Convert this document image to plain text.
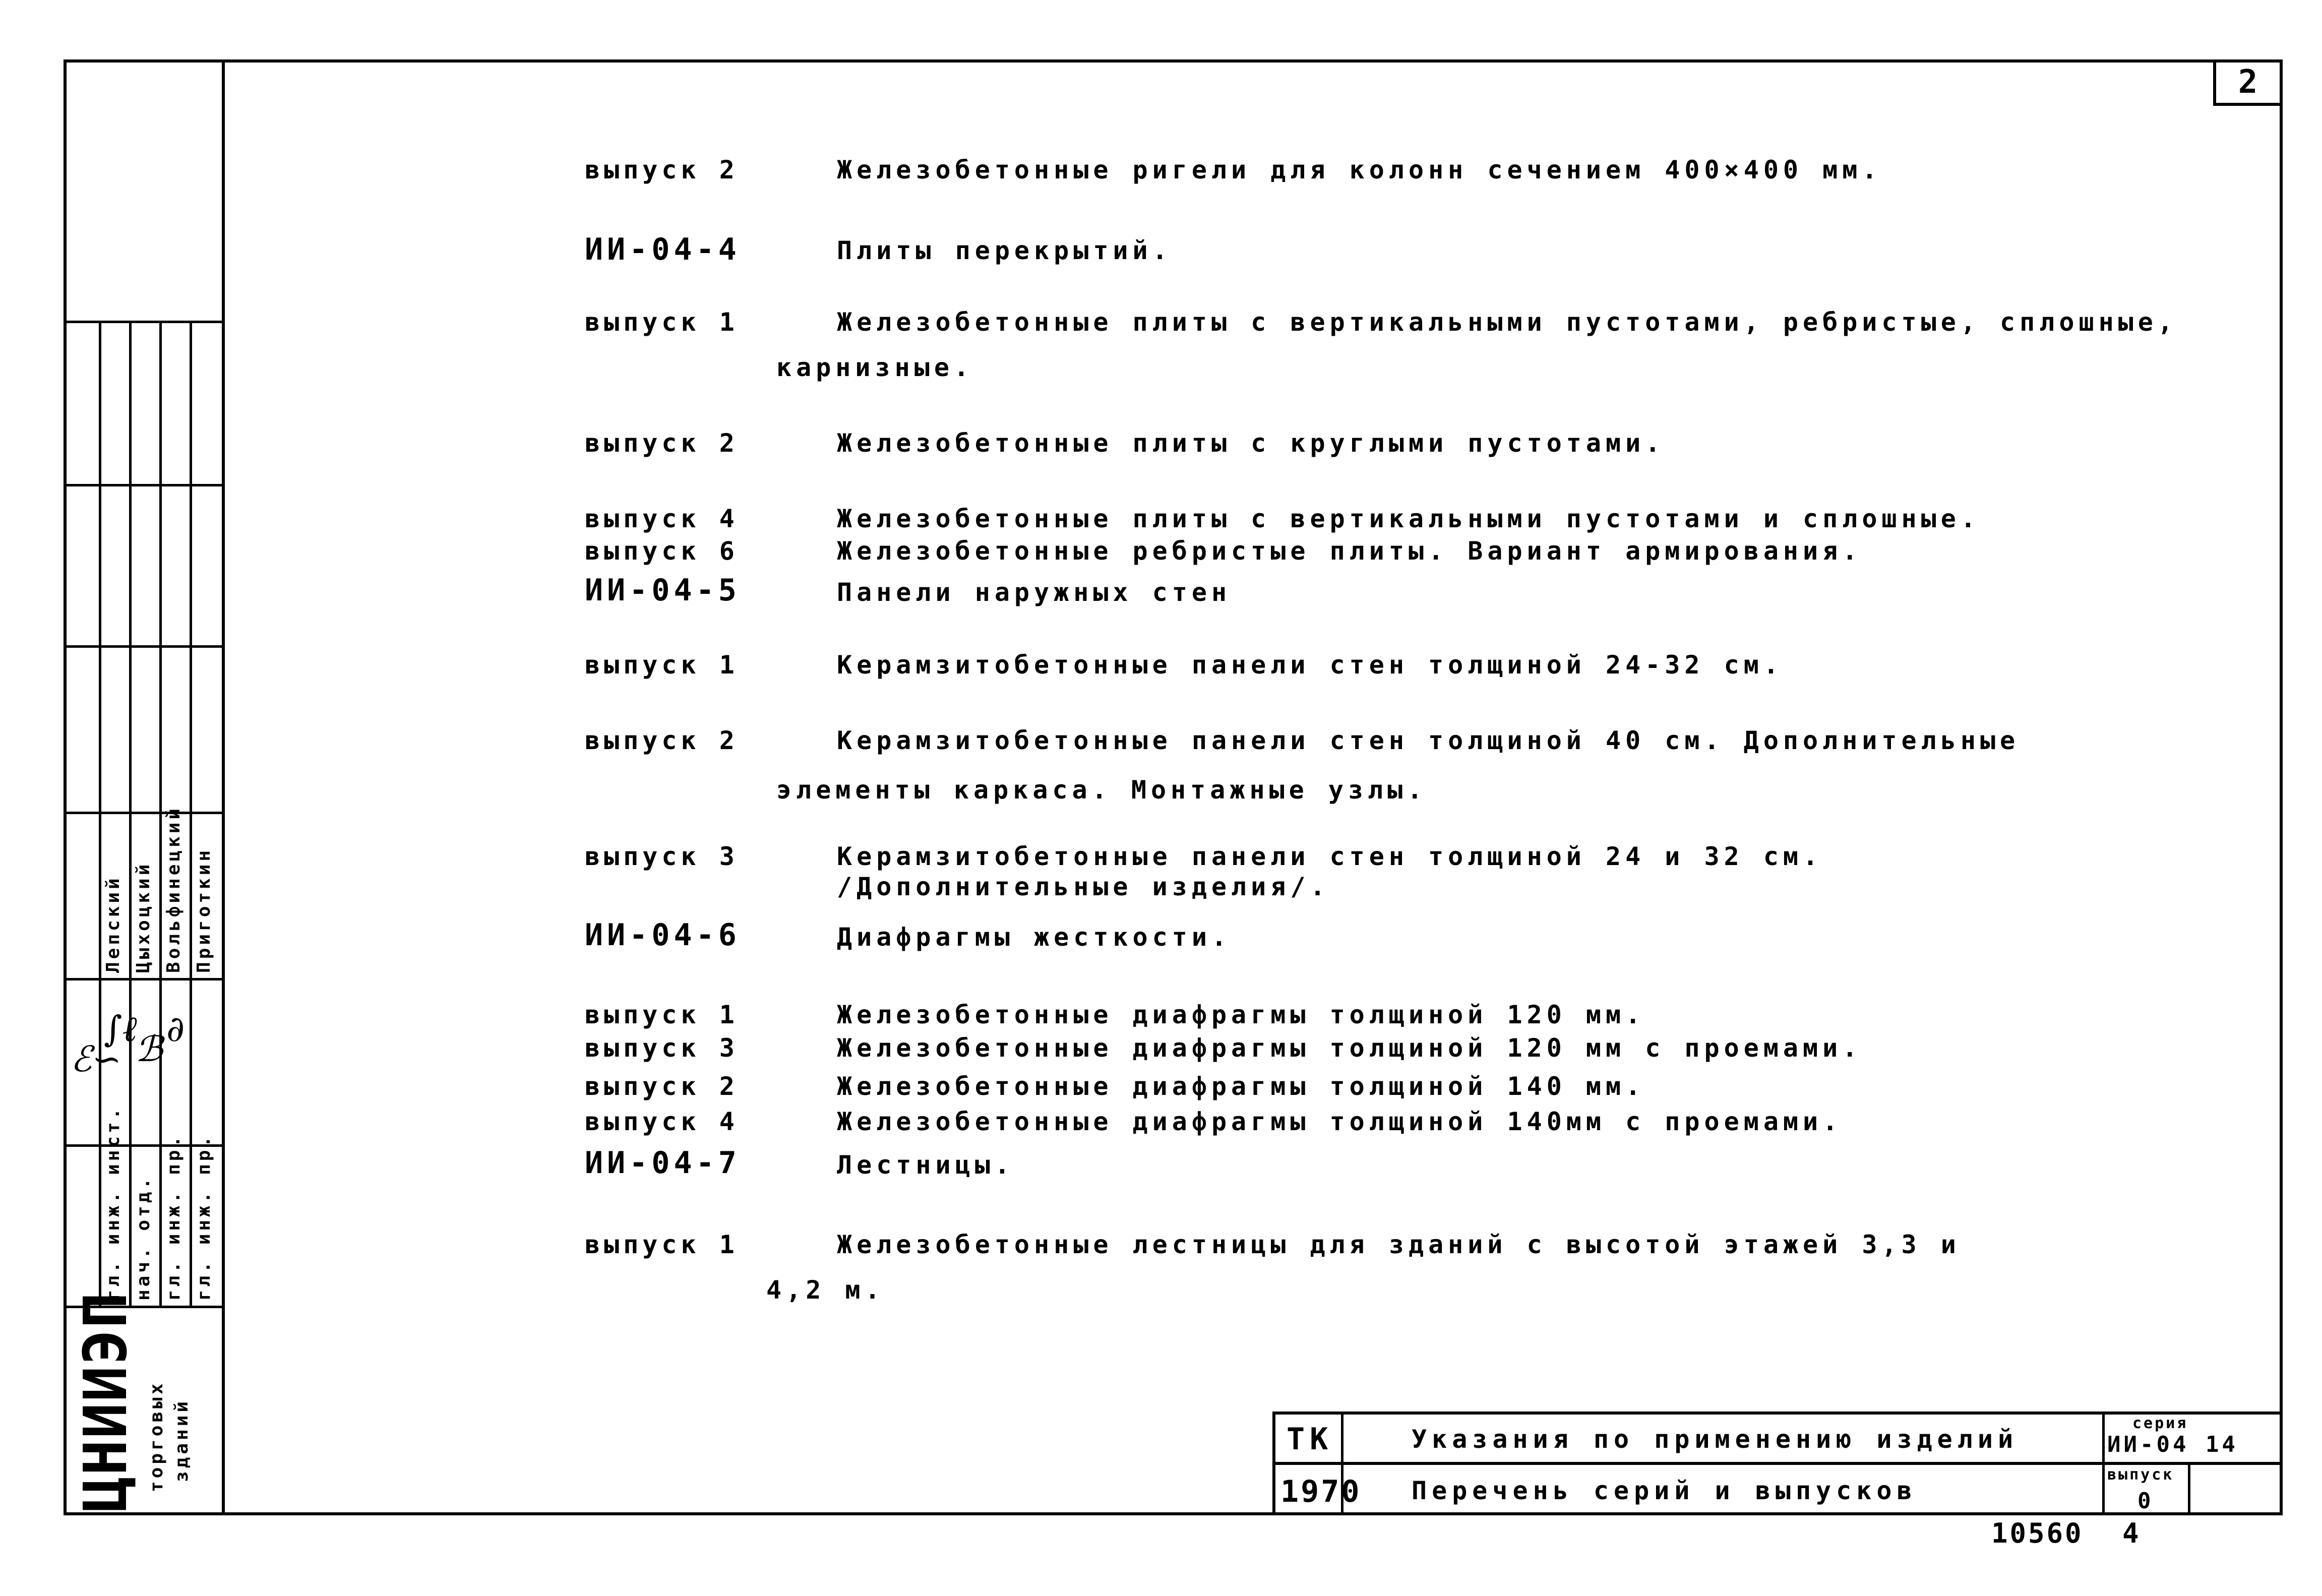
2
выпуск 2	Железобетонные ригели для колонн сечением 400×400 мм.
ИИ-04-4	Плиты перекрытий.
выпуск 1	Железобетонные плиты с вертикальными пустотами, ребристые, сплошные,
карнизные.
выпуск 2	Железобетонные плиты с круглыми пустотами.
выпуск 4	Железобетонные плиты с вертикальными пустотами и сплошные.
выпуск 6	Железобетонные ребристые плиты. Вариант армирования.
ИИ-04-5	Панели наружных стен
выпуск 1	Керамзитобетонные панели стен толщиной 24-32 см.
выпуск 2	Керамзитобетонные панели стен толщиной 40 см. Дополнительные
элементы каркаса. Монтажные узлы.
выпуск 3	Керамзитобетонные панели стен толщиной 24 и 32 см.
/Дополнительные изделия/.
ИИ-04-6	Диафрагмы жесткости.
выпуск 1	Железобетонные диафрагмы толщиной 120 мм.
выпуск 3	Железобетонные диафрагмы толщиной 120 мм с проемами.
выпуск 2	Железобетонные диафрагмы толщиной 140 мм.
выпуск 4	Железобетонные диафрагмы толщиной 140мм с проемами.
ИИ-04-7	Лестницы.
выпуск 1	Железобетонные лестницы для зданий с высотой этажей 3,3 и
4,2 м.
гл. инж. инст. нач. отд. гл. инж. пр. гл. инж. пр.
Лепский Цыхоцкий Вольфинецкий Приготкин
ℰ∽
∫ℓ
ℬ ∂
ЦНИИЭП торговых зданий	ТК
1970
Указания по применению изделий
Перечень серий и выпусков
серия
ИИ-04 14
выпуск
0
10560 4
